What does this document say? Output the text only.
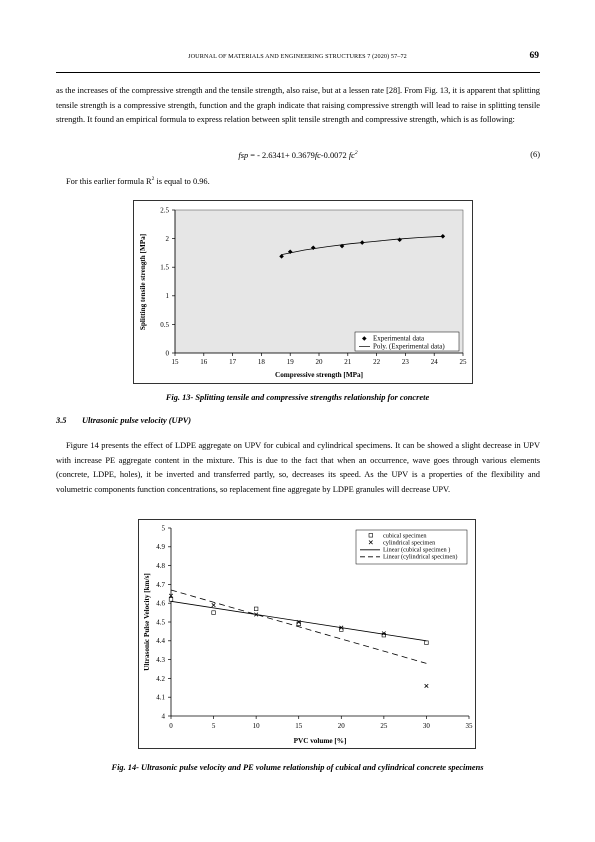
JOURNAL OF MATERIALS AND ENGINEERING STRUCTURES 7 (2020) 57–72	69
as the increases of the compressive strength and the tensile strength, also raise, but at a lessen rate [28]. From Fig. 13, it is apparent that splitting tensile strength is a compressive strength, function and the graph indicate that raising compressive strength will lead to raise in splitting tensile strength. It found an empirical formula to express relation between split tensile strength and compressive strength, which is as following:
fsp = - 2.6341+ 0.3679fc-0.0072 $fc^2$	(6)
For this earlier formula $R^2$ is equal to 0.96.
0
0.5
1
1.5
2
2.5
15	16	17	18	19	20	21	22	23	24	25
Compressive strength [MPa]
Splitting tensile strength [MPa]
Experimental data
Poly. (Experimental data)
Fig. 13- Splitting tensile and compressive strengths relationship for concrete
3.5 Ultrasonic pulse velocity (UPV)
Figure 14 presents the effect of LDPE aggregate on UPV for cubical and cylindrical specimens. It can be showed a slight decrease in UPV with increase PE aggregate content in the mixture. This is due to the fact that when an occurrence, wave goes through various elements (concrete, LDPE, holes), it be inverted and transferred partly, so, decreases its speed. As the UPV is a properties of the flexibility and volumetric components function concentrations, so replacement fine aggregate by LDPE granules will decrease UPV.
4
4.1
4.2
4.3
4.4
4.5
4.6
4.7
4.8
4.9
5
0	5	10	15	20	25	30	35
PVC volume [%]
Ultrasonic Pulse Velocity [km/s]
cubical specimen
cylindrical specimen
Linear (cubical specimen )
Linear (cylindrical specimen)
Fig. 14- Ultrasonic pulse velocity and PE volume relationship of cubical and cylindrical concrete specimens
